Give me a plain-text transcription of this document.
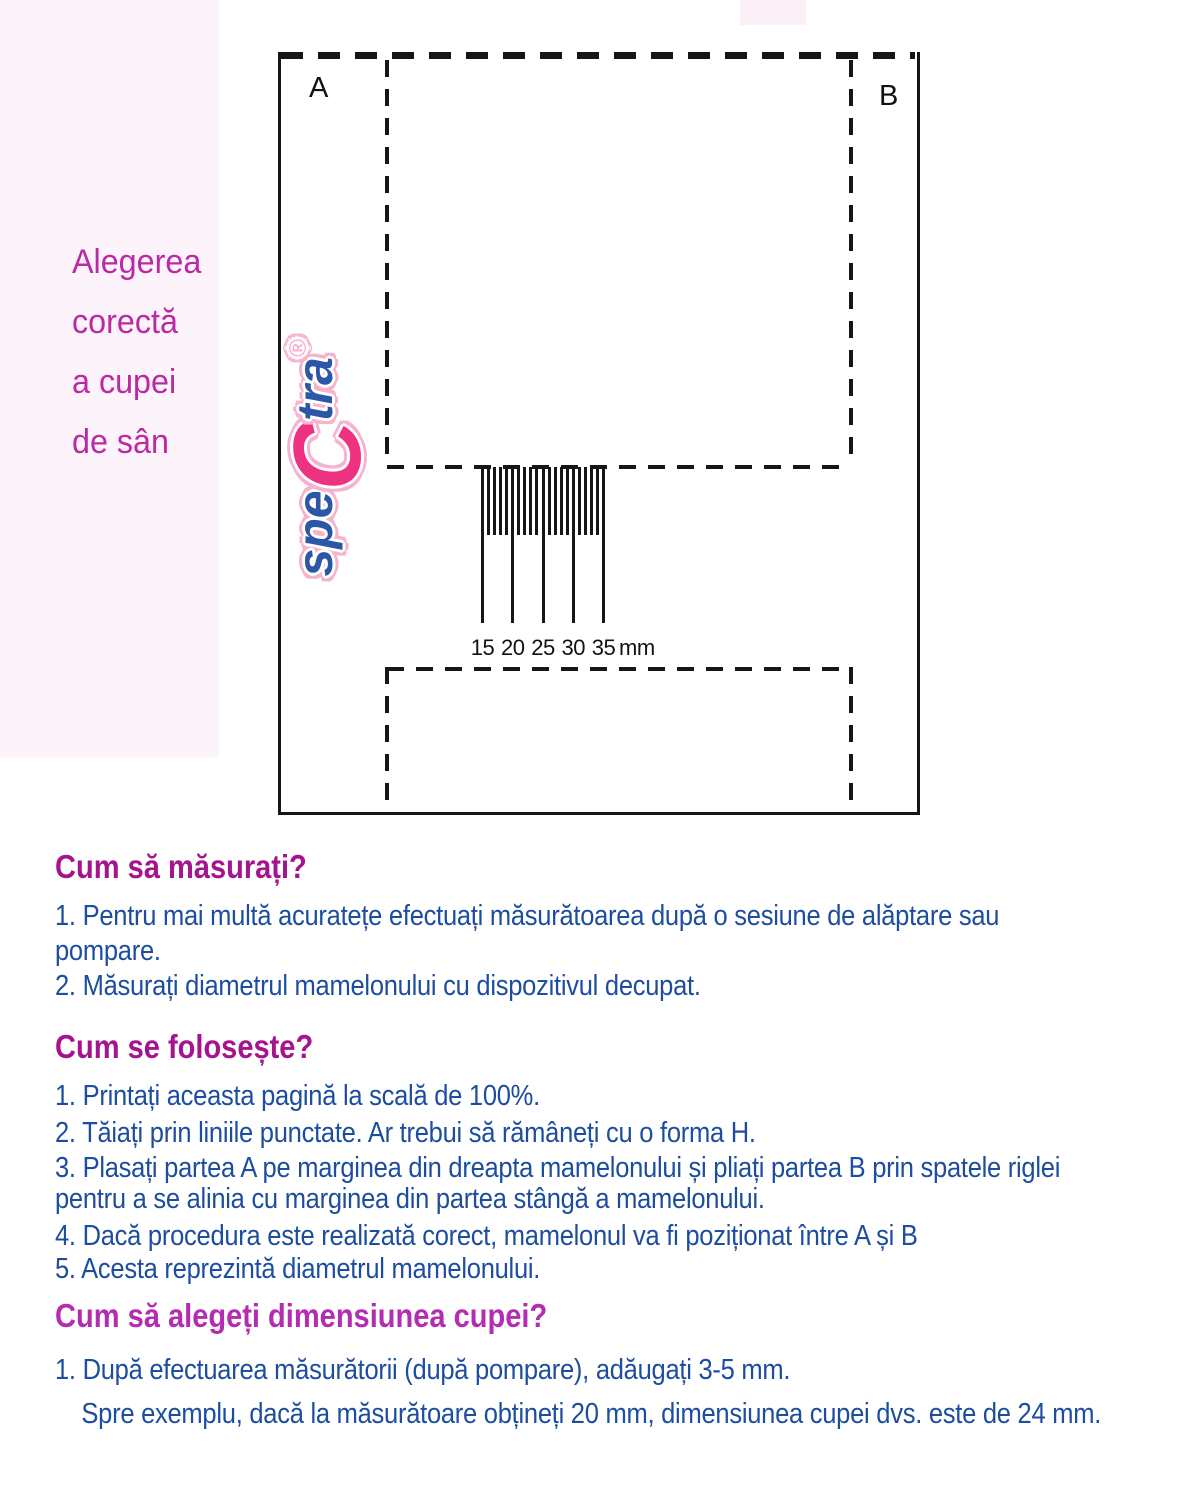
Alegerea
corectă
a cupei
de sân
A	B
15 20 25 30 35 mm
speCtra®
Cum să măsurați?
1. Pentru mai multă acuratețe efectuați măsurătoarea după o sesiune de alăptare sau
pompare.
2. Măsurați diametrul mamelonului cu dispozitivul decupat.
Cum se folosește?
1. Printați aceasta pagină la scală de 100%.
2. Tăiați prin liniile punctate. Ar trebui să rămâneți cu o forma H.
3. Plasați partea A pe marginea din dreapta mamelonului și pliați partea B prin spatele riglei
pentru a se alinia cu marginea din partea stângă a mamelonului.
4. Dacă procedura este realizată corect, mamelonul va fi poziționat între A și B
5. Acesta reprezintă diametrul mamelonului.
Cum să alegeți dimensiunea cupei?
1. După efectuarea măsurătorii (după pompare), adăugați 3-5 mm.
Spre exemplu, dacă la măsurătoare obțineți 20 mm, dimensiunea cupei dvs. este de 24 mm.
